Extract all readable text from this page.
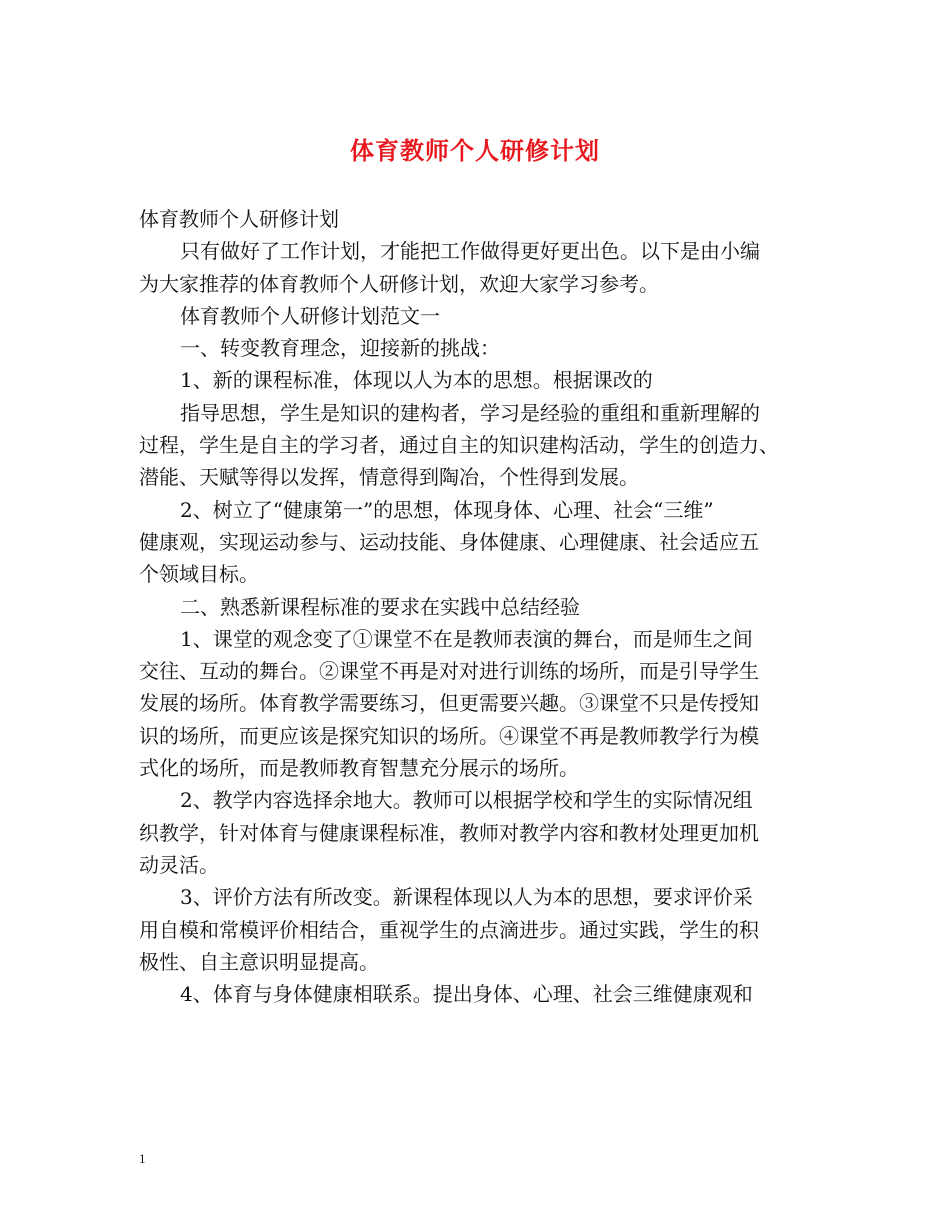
体育教师个人研修计划
体育教师个人研修计划
只有做好了工作计划，才能把工作做得更好更出色。以下是由小编
为大家推荐的体育教师个人研修计划，欢迎大家学习参考。
体育教师个人研修计划范文一
一、转变教育理念，迎接新的挑战：
1、新的课程标准，体现以人为本的思想。根据课改的
指导思想，学生是知识的建构者，学习是经验的重组和重新理解的
过程，学生是自主的学习者，通过自主的知识建构活动，学生的创造力、
潜能、天赋等得以发挥，情意得到陶冶，个性得到发展。
2、树立了“健康第一”的思想，体现身体、心理、社会“三维”
健康观，实现运动参与、运动技能、身体健康、心理健康、社会适应五
个领域目标。
二、熟悉新课程标准的要求在实践中总结经验
1、课堂的观念变了①课堂不在是教师表演的舞台，而是师生之间
交往、互动的舞台。②课堂不再是对对进行训练的场所，而是引导学生
发展的场所。体育教学需要练习，但更需要兴趣。③课堂不只是传授知
识的场所，而更应该是探究知识的场所。④课堂不再是教师教学行为模
式化的场所，而是教师教育智慧充分展示的场所。
2、教学内容选择余地大。教师可以根据学校和学生的实际情况组
织教学，针对体育与健康课程标准，教师对教学内容和教材处理更加机
动灵活。
3、评价方法有所改变。新课程体现以人为本的思想，要求评价采
用自模和常模评价相结合，重视学生的点滴进步。通过实践，学生的积
极性、自主意识明显提高。
4、体育与身体健康相联系。提出身体、心理、社会三维健康观和
1
